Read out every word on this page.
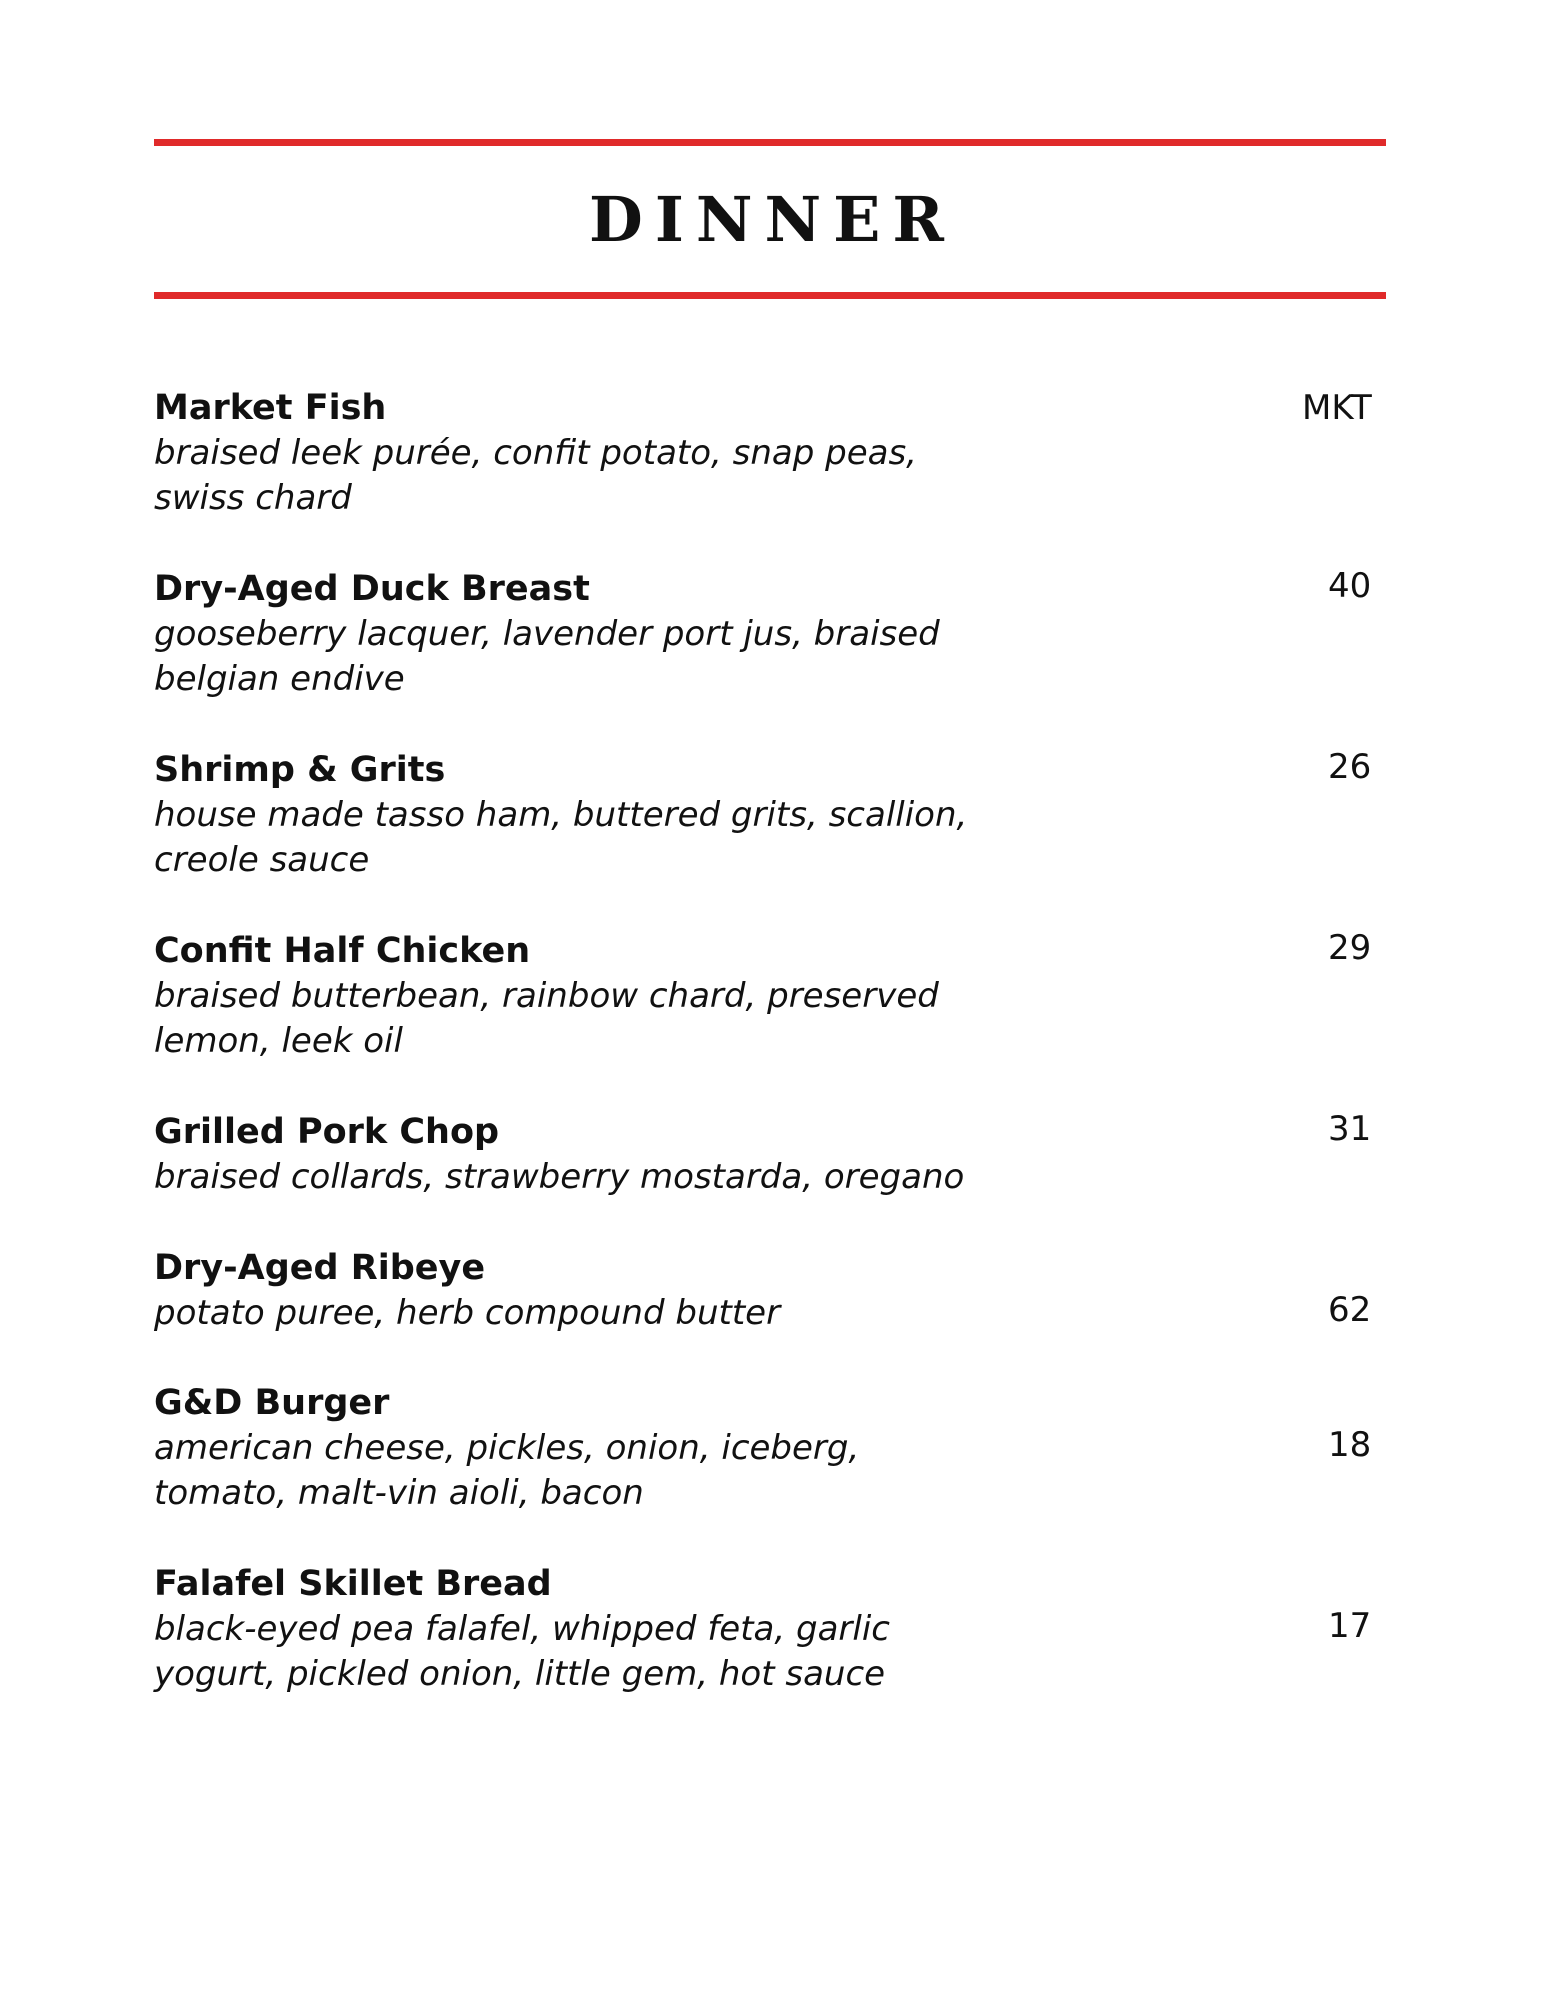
DINNER
Market Fish
braised leek purée, confit potato, snap peas,
swiss chard
MKT
Dry-Aged Duck Breast
gooseberry lacquer, lavender port jus, braised
belgian endive
40
Shrimp & Grits
house made tasso ham, buttered grits, scallion,
creole sauce
26
Confit Half Chicken
braised butterbean, rainbow chard, preserved
lemon, leek oil
29
Grilled Pork Chop
braised collards, strawberry mostarda, oregano
31
Dry-Aged Ribeye
potato puree, herb compound butter	62
G&D Burger
american cheese, pickles, onion, iceberg,
tomato, malt-vin aioli, bacon
18
Falafel Skillet Bread
black-eyed pea falafel, whipped feta, garlic
yogurt, pickled onion, little gem, hot sauce
17
